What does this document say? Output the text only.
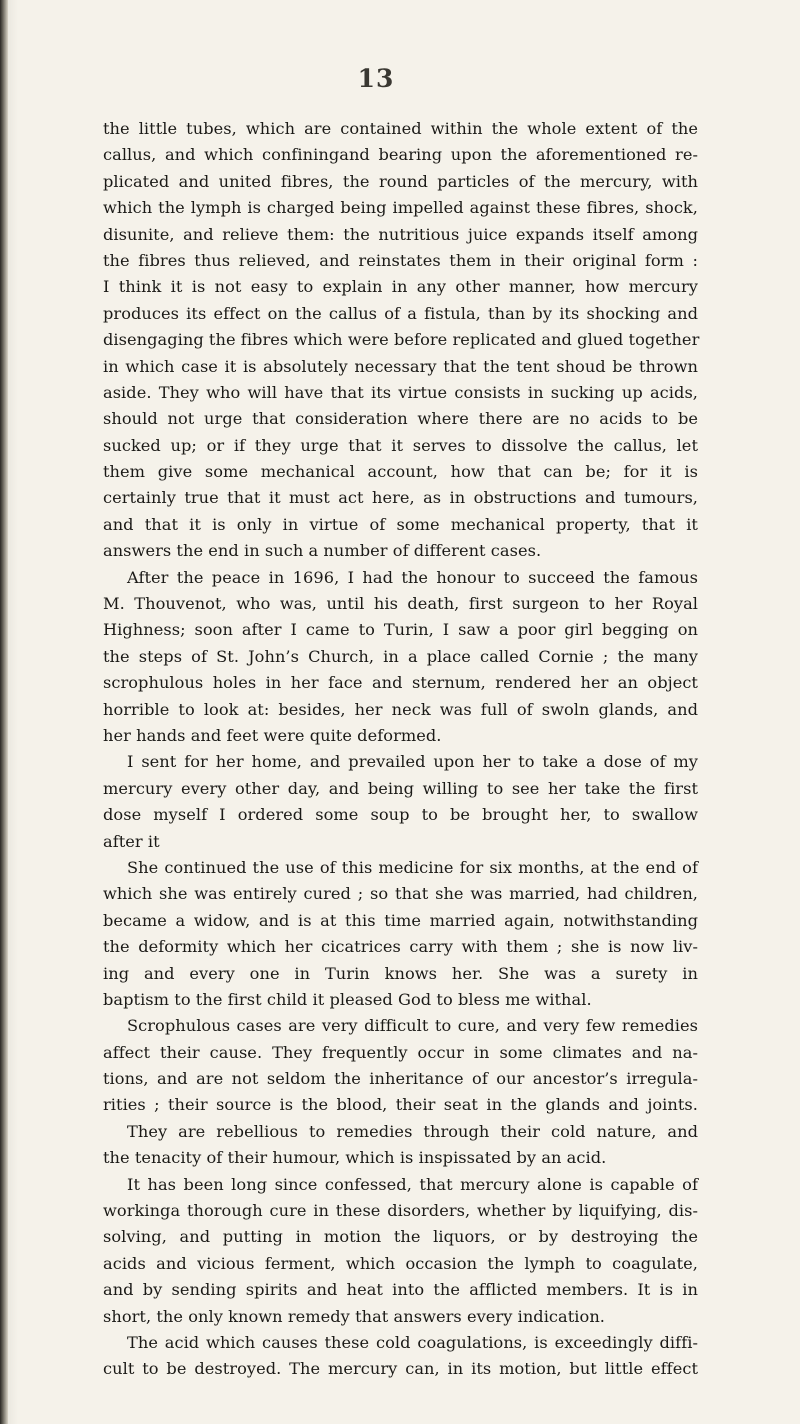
13
the little tubes, which are contained within the whole extent of the
callus, and which confiningand bearing upon the aforementioned re-
plicated and united fibres, the round particles of the mercury, with
which the lymph is charged being impelled against these fibres, shock,
disunite, and relieve them: the nutritious juice expands itself among
the fibres thus relieved, and reinstates them in their original form :
I think it is not easy to explain in any other manner, how mercury
produces its effect on the callus of a fistula, than by its shocking and
disengaging the fibres which were before replicated and glued together
in which case it is absolutely necessary that the tent shoud be thrown
aside. They who will have that its virtue consists in sucking up acids,
should not urge that consideration where there are no acids to be
sucked up; or if they urge that it serves to dissolve the callus, let
them give some mechanical account, how that can be; for it is
certainly true that it must act here, as in obstructions and tumours,
and that it is only in virtue of some mechanical property, that it
answers the end in such a number of different cases.
After the peace in 1696, I had the honour to succeed the famous
M. Thouvenot, who was, until his death, first surgeon to her Royal
Highness; soon after I came to Turin, I saw a poor girl begging on
the steps of St. John’s Church, in a place called Cornie ; the many
scrophulous holes in her face and sternum, rendered her an object
horrible to look at: besides, her neck was full of swoln glands, and
her hands and feet were quite deformed.
I sent for her home, and prevailed upon her to take a dose of my
mercury every other day, and being willing to see her take the first
dose myself I ordered some soup to be brought her, to swallow
after it
She continued the use of this medicine for six months, at the end of
which she was entirely cured ; so that she was married, had children,
became a widow, and is at this time married again, notwithstanding
the deformity which her cicatrices carry with them ; she is now liv-
ing and every one in Turin knows her. She was a surety in
baptism to the first child it pleased God to bless me withal.
Scrophulous cases are very difficult to cure, and very few remedies
affect their cause. They frequently occur in some climates and na-
tions, and are not seldom the inheritance of our ancestor’s irregula-
rities ; their source is the blood, their seat in the glands and joints.
They are rebellious to remedies through their cold nature, and
the tenacity of their humour, which is inspissated by an acid.
It has been long since confessed, that mercury alone is capable of
workinga thorough cure in these disorders, whether by liquifying, dis-
solving, and putting in motion the liquors, or by destroying the
acids and vicious ferment, which occasion the lymph to coagulate,
and by sending spirits and heat into the afflicted members. It is in
short, the only known remedy that answers every indication.
The acid which causes these cold coagulations, is exceedingly diffi-
cult to be destroyed. The mercury can, in its motion, but little effect
